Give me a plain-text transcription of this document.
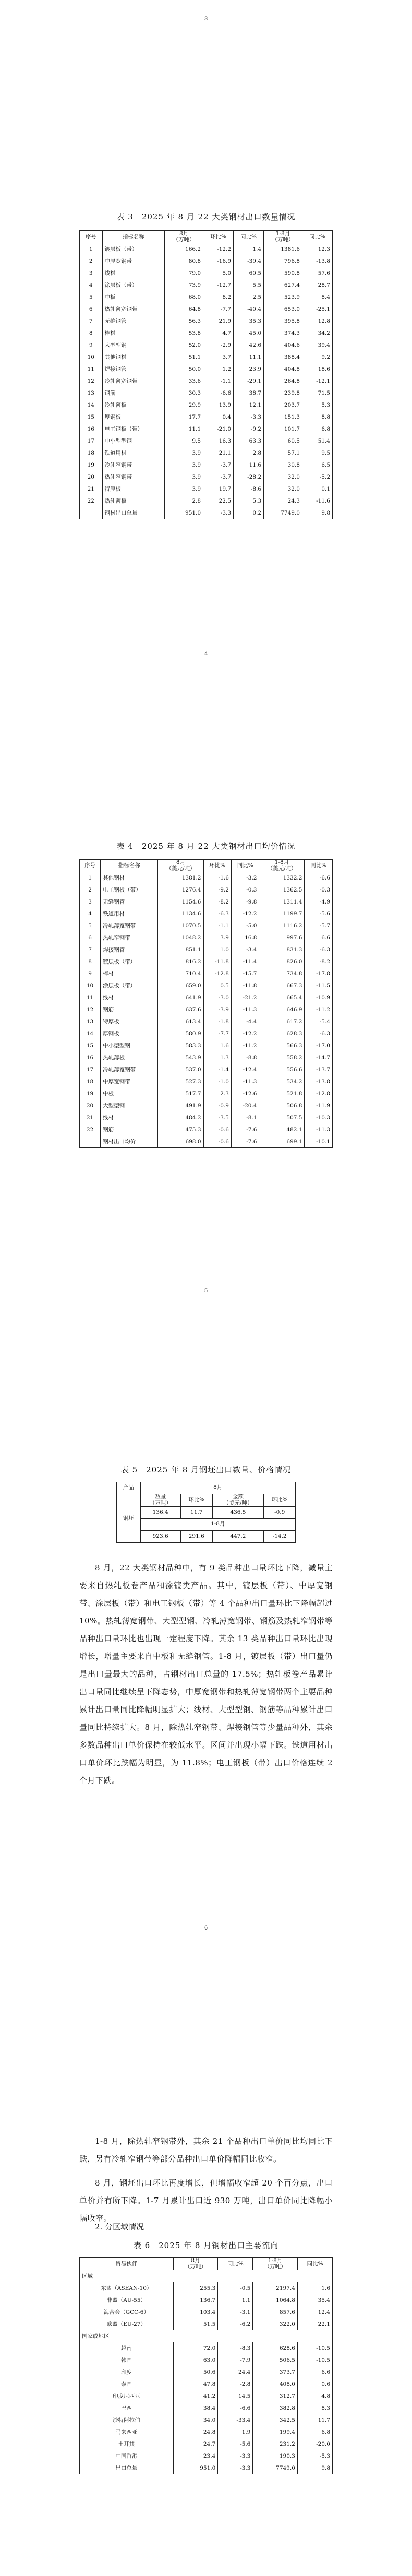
3
表 3　2025 年 8 月 22 大类钢材出口数量情况
序号	指标名称	8月
（万吨）	环比%	同比%	1-8月
（万吨）	同比%
1	镀层板（带）	166.2	-12.2	1.4	1381.6	12.3
2	中厚宽钢带	80.8	-16.9	-39.4	796.8	-13.8
3	线材	79.0	5.0	60.5	590.8	57.6
4	涂层板（带）	73.9	-12.7	5.5	627.4	28.7
5	中板	68.0	8.2	2.5	523.9	8.4
6	热轧薄宽钢带	64.8	-7.7	-40.4	653.0	-25.1
7	无缝钢管	56.3	21.9	35.3	395.8	12.8
8	棒材	53.8	4.7	45.0	374.3	34.2
9	大型型钢	52.0	-2.9	42.6	404.6	39.4
10	其他钢材	51.1	3.7	11.1	388.4	9.2
11	焊接钢管	50.0	1.2	23.9	404.8	18.6
12	冷轧薄宽钢带	33.6	-1.1	-29.1	264.8	-12.1
13	钢筋	30.3	-6.6	38.7	239.8	71.5
14	冷轧薄板	29.9	13.9	12.1	203.7	5.3
15	厚钢板	17.7	0.4	-3.3	151.3	8.8
16	电工钢板（带）	11.1	-21.0	-9.2	101.7	6.8
17	中小型型钢	9.5	16.3	63.3	60.5	51.4
18	铁道用材	3.9	21.1	2.8	57.1	9.5
19	冷轧窄钢带	3.9	-3.7	11.6	30.8	6.5
20	热轧窄钢带	3.9	-3.7	-28.2	32.0	-5.2
21	特厚板	3.9	19.7	-8.6	32.0	0.1
22	热轧薄板	2.8	22.5	5.3	24.3	-11.6
	钢材出口总量	951.0	-3.3	0.2	7749.0	9.8
4
表 4　2025 年 8 月 22 大类钢材出口均价情况
序号	指标名称	8月
（美元/吨）	环比%	同比%	1-8月
（美元/吨）	同比%
1	其他钢材	1381.2	-1.6	-3.2	1332.2	-6.6
2	电工钢板（带）	1276.4	-9.2	-0.3	1362.5	-0.3
3	无缝钢管	1154.6	-8.2	-9.8	1311.4	-4.9
4	铁道用材	1134.6	-6.3	-12.2	1199.7	-5.6
5	冷轧薄宽钢带	1070.5	-1.1	-5.0	1116.2	-5.7
6	热轧窄钢带	1048.2	3.9	16.8	997.6	6.6
7	焊接钢管	851.1	1.0	-3.4	831.3	-6.3
8	镀层板（带）	816.2	-11.8	-11.4	826.0	-8.2
9	棒材	710.4	-12.8	-15.7	734.8	-17.8
10	涂层板（带）	659.0	0.5	-11.8	667.3	-11.5
11	线材	641.9	-3.0	-21.2	665.4	-10.9
12	钢筋	637.6	-3.9	-11.3	646.9	-11.2
13	特厚板	613.4	-1.8	-4.4	617.2	-5.4
14	厚钢板	580.9	-7.7	-12.2	628.3	-6.3
15	中小型型钢	583.3	1.6	-11.2	566.3	-17.0
16	热轧薄板	543.9	1.3	-8.8	558.2	-14.7
17	冷轧薄宽钢带	537.0	-1.4	-12.4	556.6	-13.7
18	中厚宽钢带	527.3	-1.0	-11.3	534.2	-13.8
19	中板	517.7	2.3	-12.6	521.8	-12.8
20	大型型钢	491.9	-0.9	-20.4	506.8	-11.9
21	线材	484.2	-3.5	-8.1	507.5	-10.3
22	钢筋	475.3	-0.6	-7.6	482.1	-11.3
	钢材出口均价	698.0	-0.6	-7.6	699.1	-10.1
5
表 5　2025 年 8 月钢坯出口数量、价格情况
产品	8月			
钢坯	数量
（万吨）	环比%	金额
（美元/吨）	环比%
	136.4	11.7	436.5	-0.9
	1-8月			
	923.6	291.6	447.2	-14.2
8 月，22 大类钢材品种中，有 9 类品种出口量环比下降，减量主要来自热轧板卷产品和涂镀类产品。其中，镀层板（带）、中厚宽钢带、涂层板（带）和电工钢板（带）等 4 个品种出口量环比下降幅超过 10%。热轧薄宽钢带、大型型钢、冷轧薄宽钢带、钢筋及热轧窄钢带等品种出口量环比也出现一定程度下降。其余 13 类品种出口量环比出现增长，增量主要来自中板和无缝钢管。1-8 月，镀层板（带）出口量仍是出口量最大的品种，占钢材出口总量的 17.5%；热轧板卷产品累计出口量同比继续呈下降态势，中厚宽钢带和热轧薄宽钢带两个主要品种累计出口量同比降幅明显扩大；线材、大型型钢、钢筋等品种累计出口量同比持续扩大。8 月，除热轧窄钢带、焊接钢管等少量品种外，其余多数品种出口单价保持在较低水平。区间并出现小幅下跌。铁道用材出口单价环比跌幅为明显，为 11.8%；电工钢板（带）出口价格连续 2 个月下跌。
6
1-8 月，除热轧窄钢带外，其余 21 个品种出口单价同比均同比下跌，另有冷轧窄钢带等部分品种出口单价降幅同比收窄。
8 月，钢坯出口环比再度增长，但增幅收窄超 20 个百分点，出口单价并有所下降。1-7 月累计出口近 930 万吨，出口单价同比降幅小幅收窄。
2. 分区域情况
表 6　2025 年 8 月钢材出口主要流向
贸易伙伴	8月
（万吨）	同比%	1-8月
（万吨）	同比%
区域				
东盟（ASEAN-10）	255.3	-0.5	2197.4	1.6
非盟（AU-55）	136.7	1.1	1064.8	35.4
海合会（GCC-6）	103.4	-3.1	857.6	12.4
欧盟（EU-27）	51.5	-6.2	322.0	22.1
国家或地区				
越南	72.0	-8.3	628.6	-10.5
韩国	63.0	-7.9	506.5	-10.5
印度	50.6	24.4	373.7	6.6
泰国	47.8	-2.8	408.0	0.6
印度尼西亚	41.2	14.5	312.7	4.8
巴西	38.4	-6.6	382.8	8.3
沙特阿拉伯	34.0	-33.4	342.5	11.7
马来西亚	24.8	1.9	199.4	6.8
土耳其	24.7	-5.6	231.2	-20.0
中国香港	23.4	-3.3	190.3	-5.3
出口总量	951.0	-3.3	7749.0	9.8
